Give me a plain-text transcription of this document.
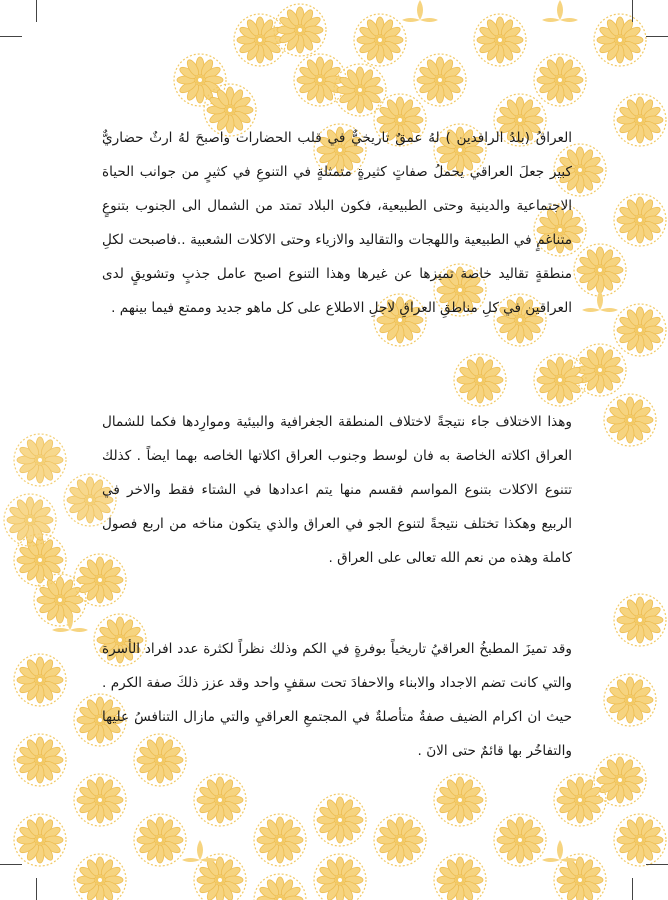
العراقُ (بلدُ الرافدين ) لهُ عمقٌ تاريخيٌّ في قلب الحضارات واصبحَ لهُ ارثٌ حضاريٌّ كبير جعلَ العراقي يحملُ صفاتٍ كثيرةٍ متمثلةٍ في التنوعِ في كثيرٍ من جوانب الحياة الاجتماعية والدينية وحتى الطبيعية، فكون البلاد تمتد من الشمال الى الجنوب بتنوعٍ متناغمٍ في الطبيعية واللهجات والتقاليد والازياء وحتى الاكلات الشعبية ..فاصبحت لكلِ منطقةٍ تقاليد خاصة تميزها عن غيرها وهذا التنوع اصبح عامل جذبٍ وتشويقٍ لدى العراقين في كلِ مناطقِ العراقِ لاجلِ الاطلاع على كل ماهو جديد وممتع فيما بينهم .

وهذا الاختلاف جاء نتيجةً لاختلاف المنطقة الجغرافية والبيئية وموارِدها فكما للشمال العراق اكلاته الخاصة به فان لوسط وجنوب العراق اكلاتها الخاصه بهما ايضاً . كذلك تتنوع الاكلات بتنوع المواسم فقسم منها يتم اعدادها في الشتاء فقط والاخر في الربيع وهكذا تختلف نتيجةً لتنوع الجو في العراق والذي يتكون مناخه من اربع فصول كاملة وهذه من نعم الله تعالى على العراق .

وقد تميزَ المطبخُ العراقيُ تاريخياً بوفرةٍ في الكم وذلك نظراً لكثرة عدد افراد الأسرة والتي كانت تضم الاجداد والابناء والاحفادَ تحت سقفٍ واحد وقد عزز ذلكَ صفة الكرم . حيث ان اكرام الضيف صفةٌ متأصلةٌ في المجتمعِ العراقيِ والتي مازال التنافسُ عليها والتفاخُر بها قائمٌ حتى الانَ .
